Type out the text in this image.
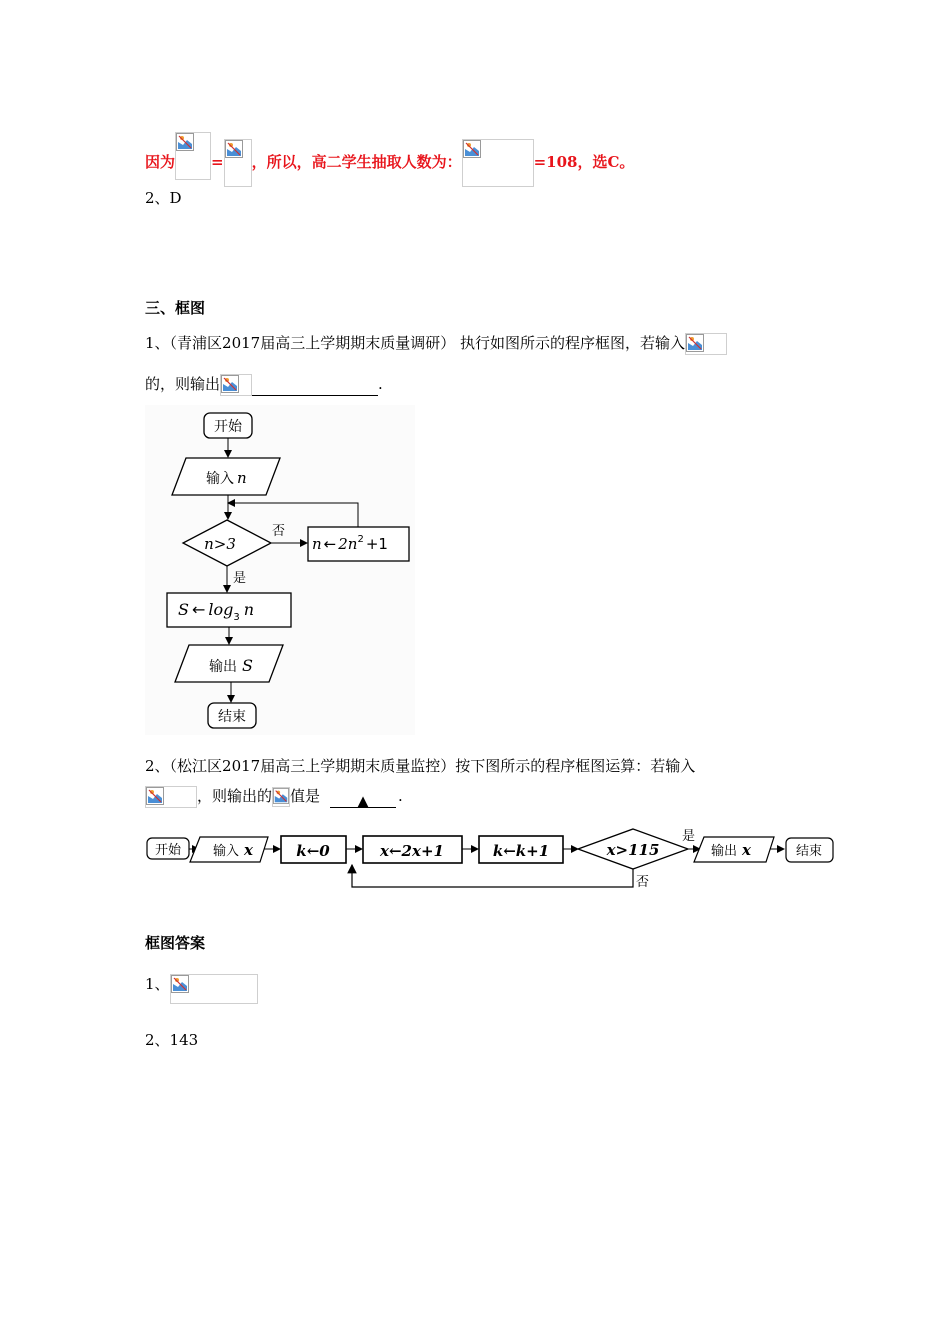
因为 = ，所以，高二学生抽取人数为：	=108，选C。
2、D
三、框图
1、（青浦区2017届高三上学期期末质量调研） 执行如图所示的程序框图，若输入
的，则输出	.
开始
输入 n
n>3
否
n ← $2n^2 +1$
是
S ← $\log_3 n$
输出 S
结束
2、（松江区2017届高三上学期期末质量监控）按下图所示的程序框图运算：若输入
，则输出的 值是 ▲ .
开始 输入 x	k←0	x←2x+1	k←k+1	x>115
是
输出 x	结束
否
框图答案
1、
2、143
